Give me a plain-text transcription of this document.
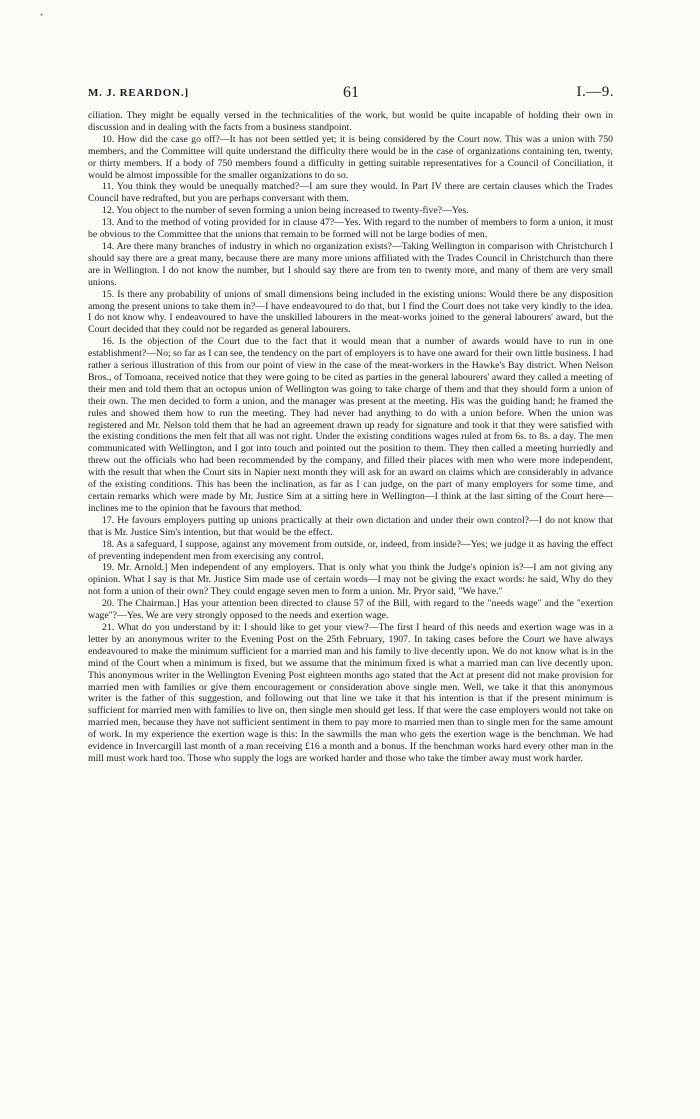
•
M. J. REARDON.]	61	I.—9.

ciliation. They might be equally versed in the technicalities of the work, but would be quite incapable of holding their own in discussion and in dealing with the facts from a business standpoint.

10. How did the case go off?—It has not been settled yet; it is being considered by the Court now. This was a union with 750 members, and the Committee will quite understand the difficulty there would be in the case of organizations containing ten, twenty, or thirty members. If a body of 750 members found a difficulty in getting suitable representatives for a Council of Conciliation, it would be almost impossible for the smaller organizations to do so.

11. You think they would be unequally matched?—I am sure they would. In Part IV there are certain clauses which the Trades Council have redrafted, but you are perhaps conversant with them.

12. You object to the number of seven forming a union being increased to twenty-five?—Yes.

13. And to the method of voting provided for in clause 47?—Yes. With regard to the number of members to form a union, it must be obvious to the Committee that the unions that remain to be formed will not be large bodies of men.

14. Are there many branches of industry in which no organization exists?—Taking Wellington in comparison with Christchurch I should say there are a great many, because there are many more unions affiliated with the Trades Council in Christchurch than there are in Wellington. I do not know the number, but I should say there are from ten to twenty more, and many of them are very small unions.

15. Is there any probability of unions of small dimensions being included in the existing unions: Would there be any disposition among the present unions to take them in?—I have endeavoured to do that, but I find the Court does not take very kindly to the idea. I do not know why. I endeavoured to have the unskilled labourers in the meat-works joined to the general labourers' award, but the Court decided that they could not be regarded as general labourers.

16. Is the objection of the Court due to the fact that it would mean that a number of awards would have to run in one establishment?—No; so far as I can see, the tendency on the part of employers is to have one award for their own little business. I had rather a serious illustration of this from our point of view in the case of the meat-workers in the Hawke's Bay district. When Nelson Bros., of Tomoana, received notice that they were going to be cited as parties in the general labourers' award they called a meeting of their men and told them that an octopus union of Wellington was going to take charge of them and that they should form a union of their own. The men decided to form a union, and the manager was present at the meeting. His was the guiding hand; he framed the rules and showed them how to run the meeting. They had never had anything to do with a union before. When the union was registered and Mr. Nelson told them that he had an agreement drawn up ready for signature and took it that they were satisfied with the existing conditions the men felt that all was not right. Under the existing conditions wages ruled at from 6s. to 8s. a day. The men communicated with Wellington, and I got into touch and pointed out the position to them. They then called a meeting hurriedly and threw out the officials who had been recommended by the company, and filled their places with men who were more independent, with the result that when the Court sits in Napier next month they will ask for an award on claims which are considerably in advance of the existing conditions. This has been the inclination, as far as I can judge, on the part of many employers for some time, and certain remarks which were made by Mr. Justice Sim at a sitting here in Wellington—I think at the last sitting of the Court here—inclines me to the opinion that he favours that method.

17. He favours employers putting up unions practically at their own dictation and under their own control?—I do not know that that is Mr. Justice Sim's intention, but that would be the effect.

18. As a safeguard, I suppose, against any movement from outside, or, indeed, from inside?—Yes; we judge it as having the effect of preventing independent men from exercising any control.

19. Mr. Arnold.] Men independent of any employers. That is only what you think the Judge's opinion is?—I am not giving any opinion. What I say is that Mr. Justice Sim made use of certain words—I may not be giving the exact words: he said, Why do they not form a union of their own? They could engage seven men to form a union. Mr. Pryor said, "We have."

20. The Chairman.] Has your attention been directed to clause 57 of the Bill, with regard to the "needs wage" and the "exertion wage"?—Yes. We are very strongly opposed to the needs and exertion wage.

21. What do you understand by it: I should like to get your view?—The first I heard of this needs and exertion wage was in a letter by an anonymous writer to the Evening Post on the 25th February, 1907. In taking cases before the Court we have always endeavoured to make the minimum sufficient for a married man and his family to live decently upon. We do not know what is in the mind of the Court when a minimum is fixed, but we assume that the minimum fixed is what a married man can live decently upon. This anonymous writer in the Wellington Evening Post eighteen months ago stated that the Act at present did not make provision for married men with families or give them encouragement or consideration above single men. Well, we take it that this anonymous writer is the father of this suggestion, and following out that line we take it that his intention is that if the present minimum is sufficient for married men with families to live on, then single men should get less. If that were the case employers would not take on married men, because they have not sufficient sentiment in them to pay more to married men than to single men for the same amount of work. In my experience the exertion wage is this: In the sawmills the man who gets the exertion wage is the benchman. We had evidence in Invercargill last month of a man receiving £16 a month and a bonus. If the benchman works hard every other man in the mill must work hard too. Those who supply the logs are worked harder and those who take the timber away must work harder.
